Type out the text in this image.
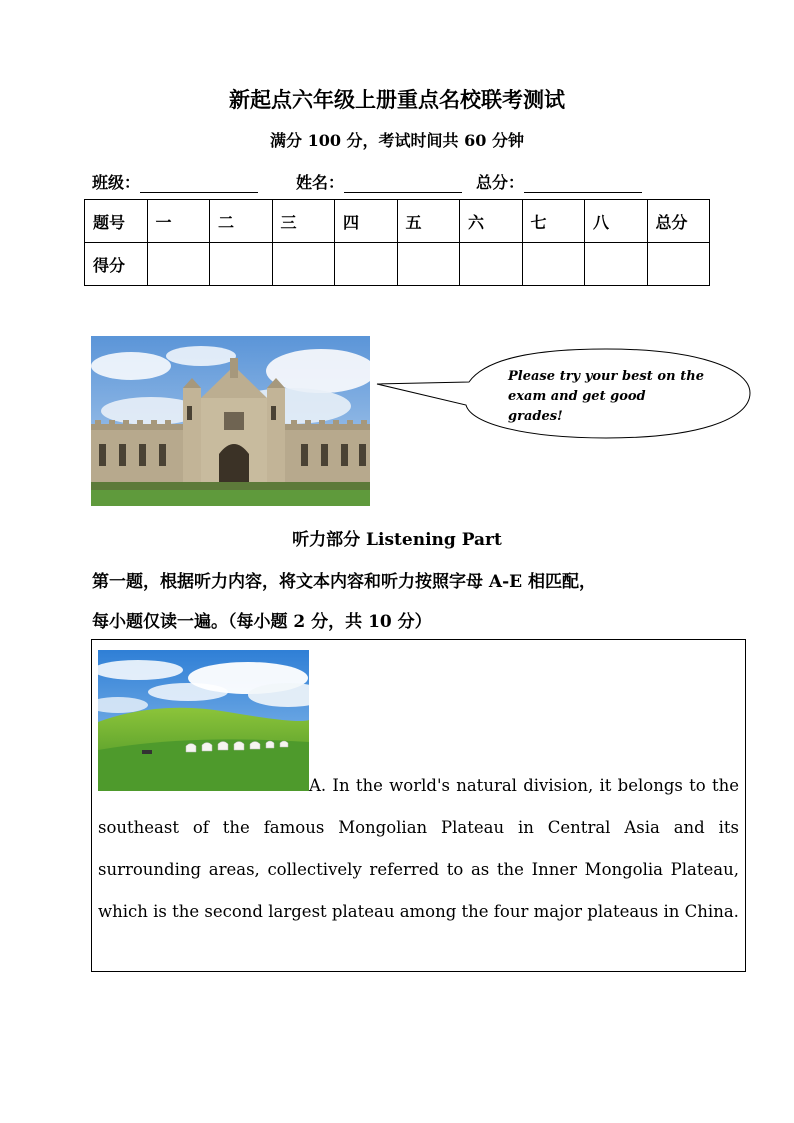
新起点六年级上册重点名校联考测试
满分 100 分，考试时间共 60 分钟
班级：	姓名：	总分：
题号	一	二	三	四	五	六	七	八	总分
得分									
Please try your best on the
exam and get good grades!
听力部分 Listening Part
第一题，根据听力内容，将文本内容和听力按照字母 A-E 相匹配，
每小题仅读一遍。（每小题 2 分，共 10 分）
A. In the world's natural division, it belongs to the southeast of the famous Mongolian Plateau in Central Asia and its surrounding areas, collectively referred to as the Inner Mongolia Plateau, which is the second largest plateau among the four major plateaus in China.
